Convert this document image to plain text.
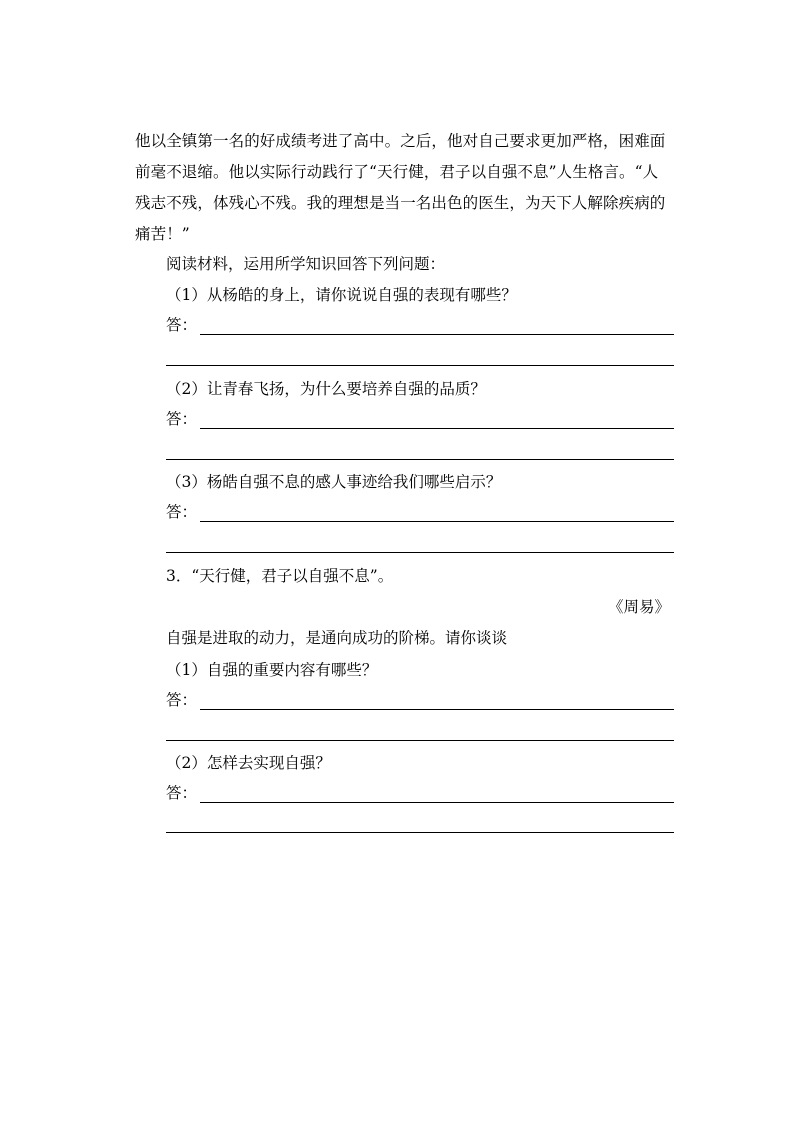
他以全镇第一名的好成绩考进了高中。之后，他对自己要求更加严格，困难面
前毫不退缩。他以实际行动践行了“天行健，君子以自强不息”人生格言。“人
残志不残，体残心不残。我的理想是当一名出色的医生，为天下人解除疾病的
痛苦！”
阅读材料，运用所学知识回答下列问题：
（1）从杨皓的身上，请你说说自强的表现有哪些？
答：
（2）让青春飞扬，为什么要培养自强的品质？
答：
（3）杨皓自强不息的感人事迹给我们哪些启示？
答：
3．“天行健，君子以自强不息”。
《周易》
自强是进取的动力，是通向成功的阶梯。请你谈谈
（1）自强的重要内容有哪些？
答：
（2）怎样去实现自强？
答：
